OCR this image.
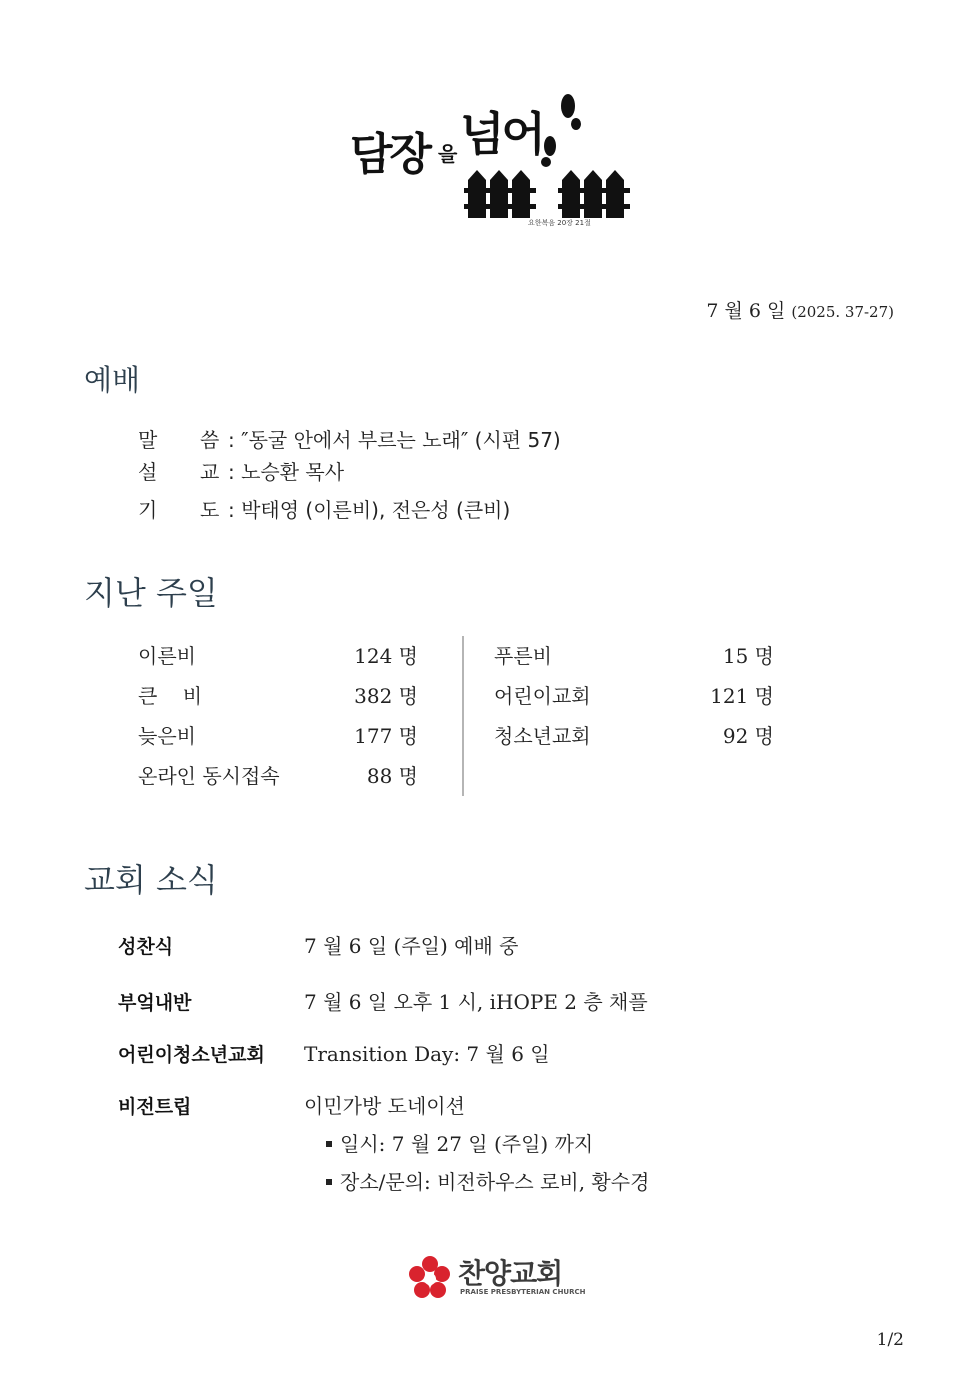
담장 을 넘어
요한복음 20장 21절
7 월 6 일 (2025. 37-27)
예배
말 씀 : ″동굴 안에서 부르는 노래″ (시편 57)
설 교 : 노승환 목사
기 도 : 박태영 (이른비), 전은성 (큰비)
지난 주일
이른비	124 명
큰    비	382 명
늦은비	177 명
온라인 동시접속	88 명
푸른비	15 명
어린이교회	121 명
청소년교회	92 명
교회 소식
성찬식	7 월 6 일 (주일) 예배 중
부엌내반	7 월 6 일 오후 1 시, iHOPE 2 층 채플
어린이청소년교회 Transition Day: 7 월 6 일
비전트립	이민가방 도네이션
일시: 7 월 27 일 (주일) 까지
장소/문의: 비전하우스 로비, 황수경
찬양교회
PRAISE PRESBYTERIAN CHURCH
1/2
